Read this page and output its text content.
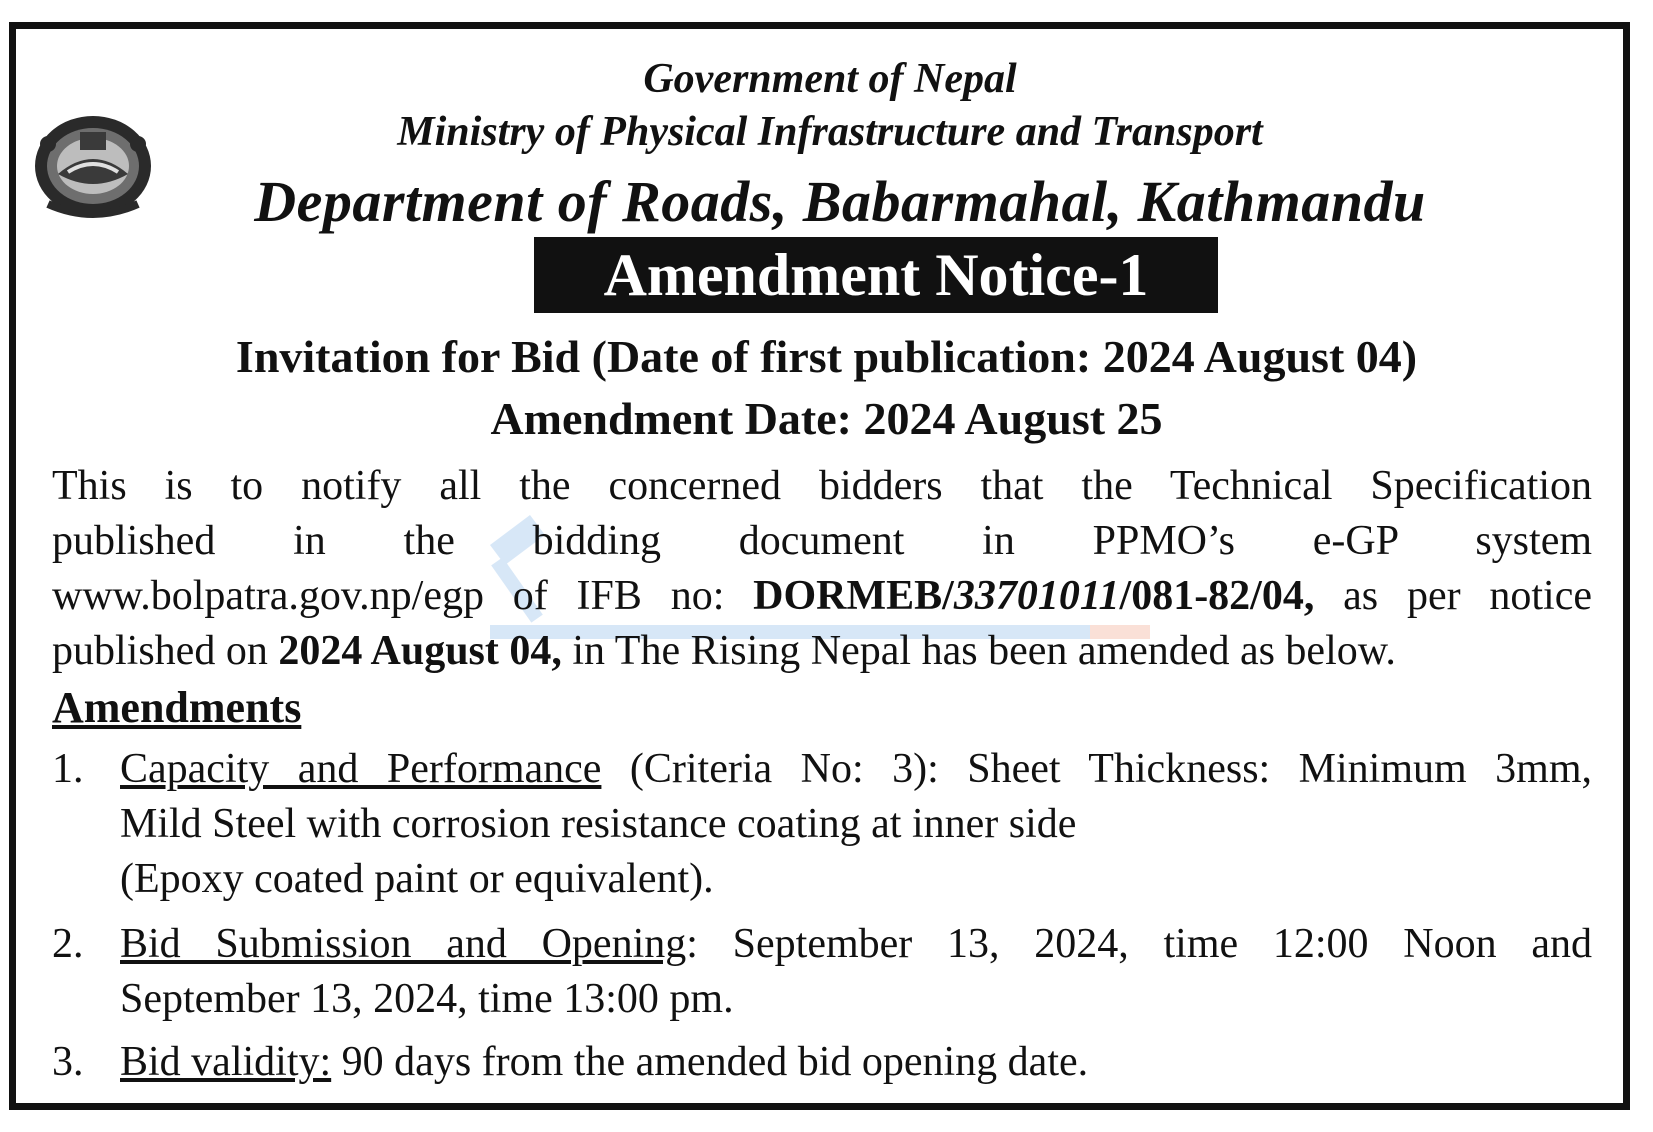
Government of Nepal
Ministry of Physical Infrastructure and Transport
Department of Roads, Babarmahal, Kathmandu
Amendment Notice-1
Invitation for Bid (Date of first publication: 2024 August 04)
Amendment Date: 2024 August 25
This is to notify all the concerned bidders that the Technical Specification
published in the bidding document in PPMO’s e-GP system
www.bolpatra.gov.np/egp of IFB no: DORMEB/33701011/081-82/04, as per notice
published on 2024 August 04, in The Rising Nepal has been amended as below.
Amendments
1. Capacity and Performance (Criteria No: 3): Sheet Thickness: Minimum 3mm,
Mild Steel with corrosion resistance coating at inner side
(Epoxy coated paint or equivalent).
2. Bid Submission and Opening: September 13, 2024, time 12:00 Noon and
September 13, 2024, time 13:00 pm.
3. Bid validity: 90 days from the amended bid opening date.
